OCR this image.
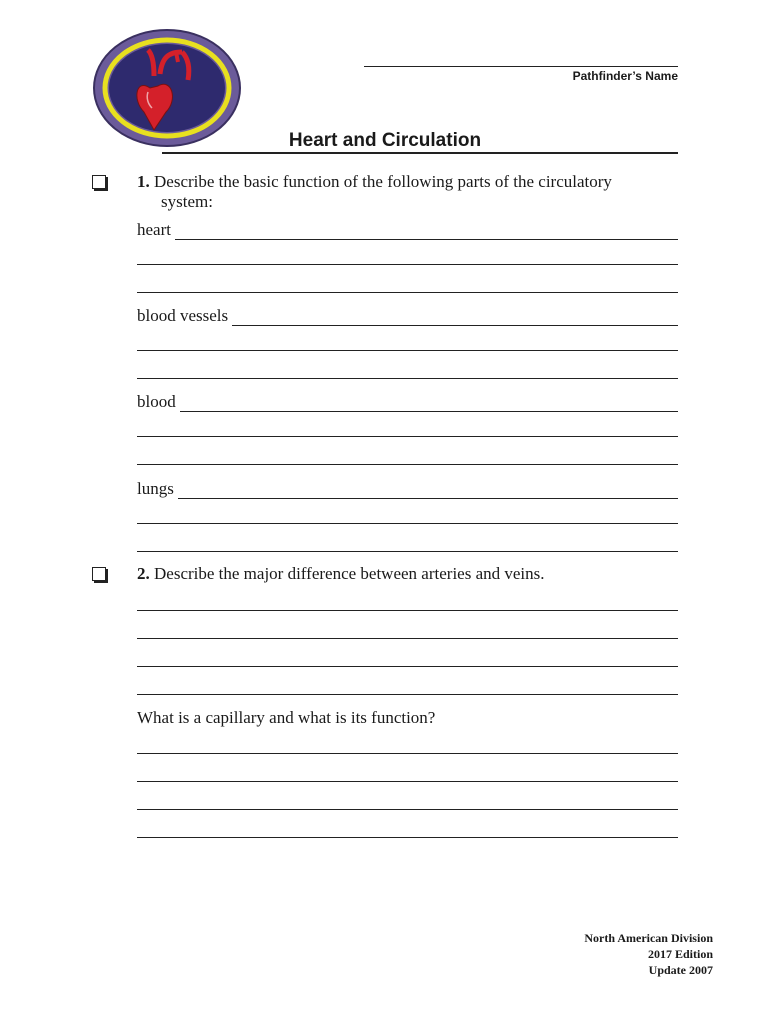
Pathfinder’s Name
Heart and Circulation
1. Describe the basic function of the following parts of the circulatory
system:
heart
blood vessels
blood
lungs
2. Describe the major difference between arteries and veins.
What is a capillary and what is its function?
North American Division
2017 Edition
Update 2007
